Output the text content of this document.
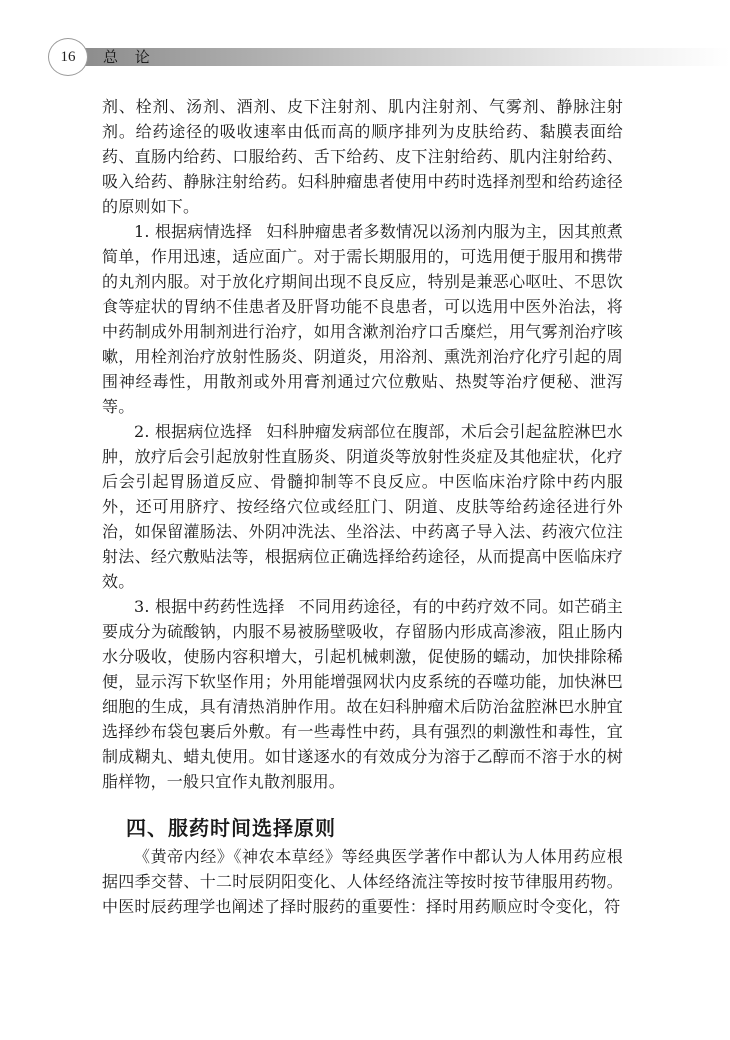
16	总 论

剂、栓剂、汤剂、酒剂、皮下注射剂、肌内注射剂、气雾剂、静脉注射剂。给药途径的吸收速率由低而高的顺序排列为皮肤给药、黏膜表面给药、直肠内给药、口服给药、舌下给药、皮下注射给药、肌内注射给药、吸入给药、静脉注射给药。妇科肿瘤患者使用中药时选择剂型和给药途径的原则如下。

1. 根据病情选择 妇科肿瘤患者多数情况以汤剂内服为主，因其煎煮简单，作用迅速，适应面广。对于需长期服用的，可选用便于服用和携带的丸剂内服。对于放化疗期间出现不良反应，特别是兼恶心呕吐、不思饮食等症状的胃纳不佳患者及肝肾功能不良患者，可以选用中医外治法，将中药制成外用制剂进行治疗，如用含漱剂治疗口舌糜烂，用气雾剂治疗咳嗽，用栓剂治疗放射性肠炎、阴道炎，用浴剂、熏洗剂治疗化疗引起的周围神经毒性，用散剂或外用膏剂通过穴位敷贴、热熨等治疗便秘、泄泻等。

2. 根据病位选择 妇科肿瘤发病部位在腹部，术后会引起盆腔淋巴水肿，放疗后会引起放射性直肠炎、阴道炎等放射性炎症及其他症状，化疗后会引起胃肠道反应、骨髓抑制等不良反应。中医临床治疗除中药内服外，还可用脐疗、按经络穴位或经肛门、阴道、皮肤等给药途径进行外治，如保留灌肠法、外阴冲洗法、坐浴法、中药离子导入法、药液穴位注射法、经穴敷贴法等，根据病位正确选择给药途径，从而提高中医临床疗效。

3. 根据中药药性选择 不同用药途径，有的中药疗效不同。如芒硝主要成分为硫酸钠，内服不易被肠壁吸收，存留肠内形成高渗液，阻止肠内水分吸收，使肠内容积增大，引起机械刺激，促使肠的蠕动，加快排除稀便，显示泻下软坚作用；外用能增强网状内皮系统的吞噬功能，加快淋巴细胞的生成，具有清热消肿作用。故在妇科肿瘤术后防治盆腔淋巴水肿宜选择纱布袋包裹后外敷。有一些毒性中药，具有强烈的刺激性和毒性，宜制成糊丸、蜡丸使用。如甘遂逐水的有效成分为溶于乙醇而不溶于水的树脂样物，一般只宜作丸散剂服用。

四、服药时间选择原则

《黄帝内经》《神农本草经》等经典医学著作中都认为人体用药应根据四季交替、十二时辰阴阳变化、人体经络流注等按时按节律服用药物。中医时辰药理学也阐述了择时服药的重要性：择时用药顺应时令变化，符
